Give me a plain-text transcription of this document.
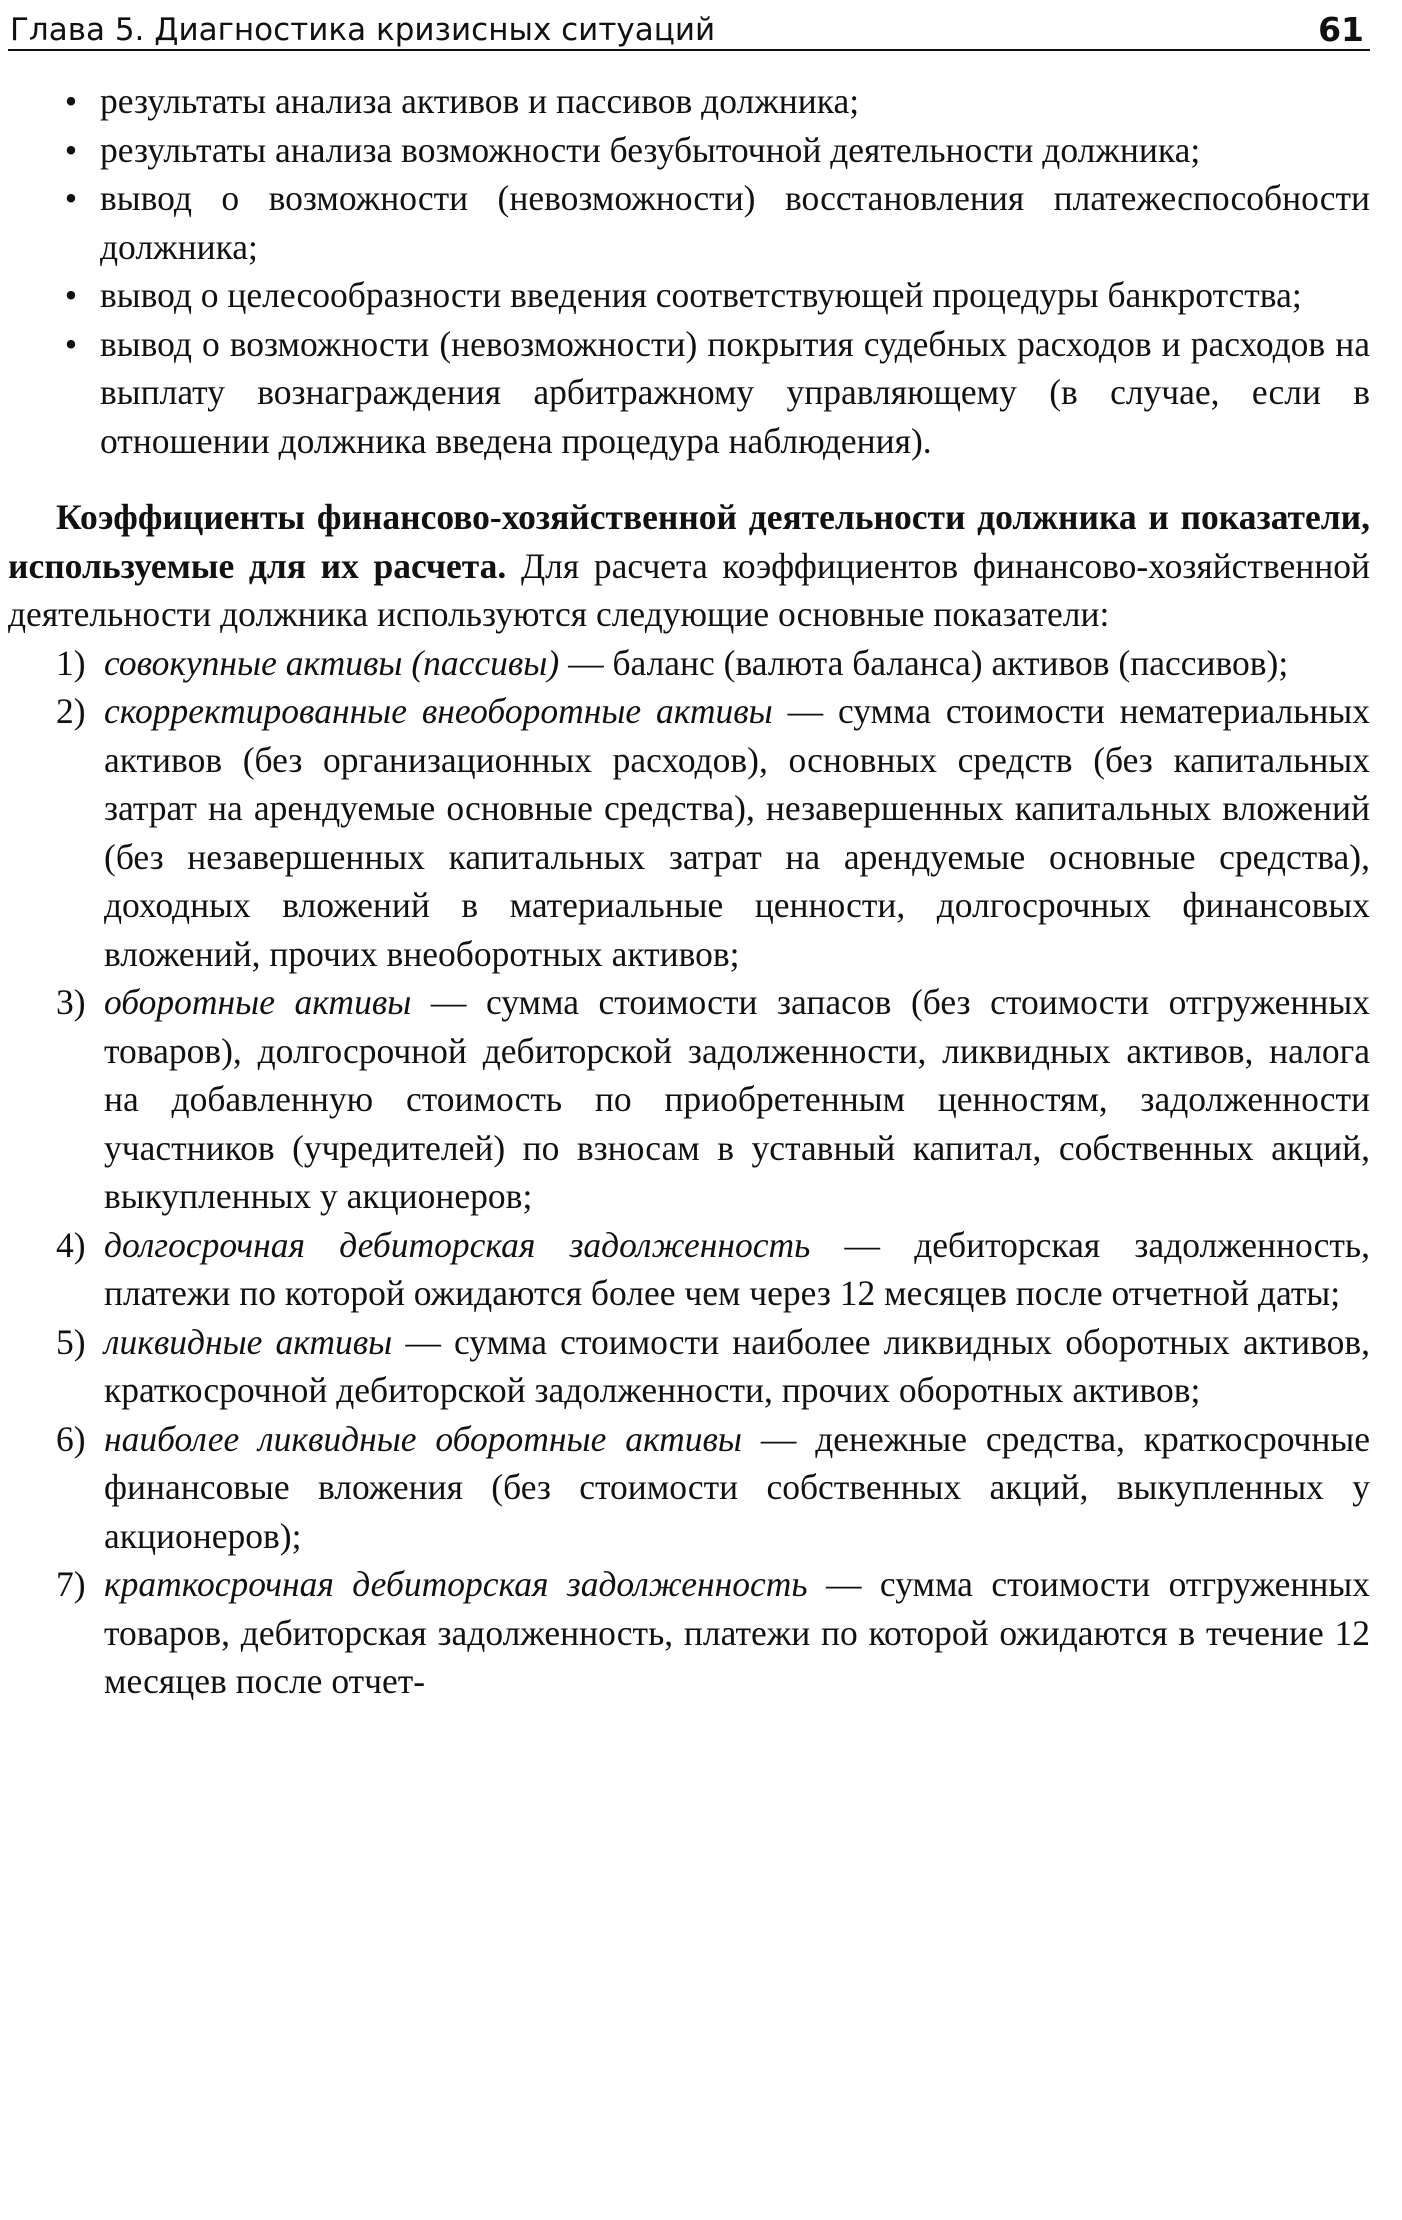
Глава 5. Диагностика кризисных ситуаций	61
• результаты анализа активов и пассивов должника;
• результаты анализа возможности безубыточной деятельности должника;
• вывод о возможности (невозможности) восстановления платежеспособности должника;
• вывод о целесообразности введения соответствующей процедуры банкротства;
• вывод о возможности (невозможности) покрытия судебных расходов и расходов на выплату вознаграждения арбитражному управляющему (в случае, если в отношении должника введена процедура наблюдения).

Коэффициенты финансово-хозяйственной деятельности должника и показатели, используемые для их расчета. Для расчета коэффициентов финансово-хозяйственной деятельности должника используются следующие основные показатели:

1) совокупные активы (пассивы) — баланс (валюта баланса) активов (пассивов);
2) скорректированные внеоборотные активы — сумма стоимости нематериальных активов (без организационных расходов), основных средств (без капитальных затрат на арендуемые основные средства), незавершенных капитальных вложений (без незавершенных капитальных затрат на арендуемые основные средства), доходных вложений в материальные ценности, долгосрочных финансовых вложений, прочих внеоборотных активов;
3) оборотные активы — сумма стоимости запасов (без стоимости отгруженных товаров), долгосрочной дебиторской задолженности, ликвидных активов, налога на добавленную стоимость по приобретенным ценностям, задолженности участников (учредителей) по взносам в уставный капитал, собственных акций, выкупленных у акционеров;
4) долгосрочная дебиторская задолженность — дебиторская задолженность, платежи по которой ожидаются более чем через 12 месяцев после отчетной даты;
5) ликвидные активы — сумма стоимости наиболее ликвидных оборотных активов, краткосрочной дебиторской задолженности, прочих оборотных активов;
6) наиболее ликвидные оборотные активы — денежные средства, краткосрочные финансовые вложения (без стоимости собственных акций, выкупленных у акционеров);
7) краткосрочная дебиторская задолженность — сумма стоимости отгруженных товаров, дебиторская задолженность, платежи по которой ожидаются в течение 12 месяцев после отчет-
